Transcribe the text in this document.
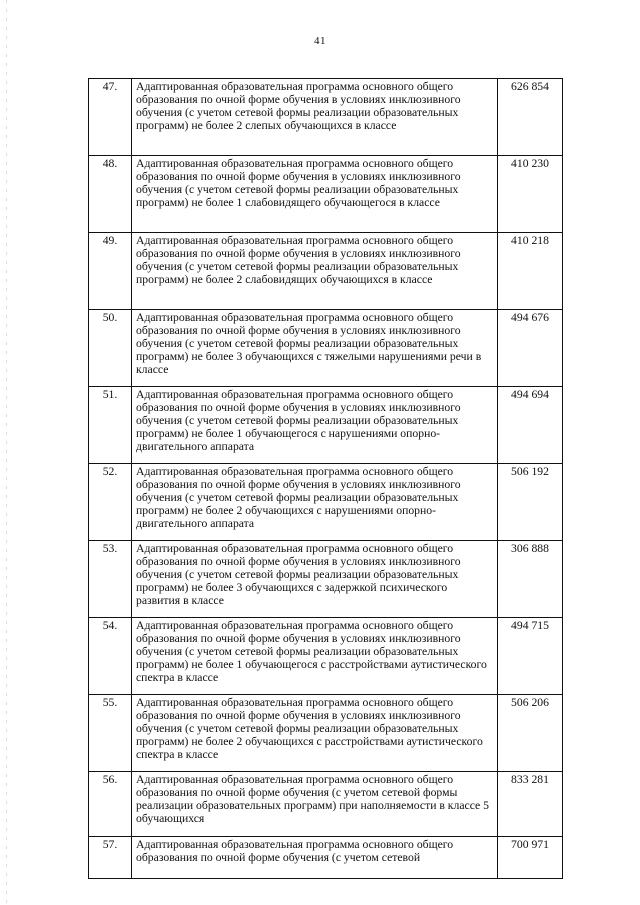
41
47.	Адаптированная образовательная программа основного общего образования по очной форме обучения в условиях инклюзивного обучения (с учетом сетевой формы реализации образовательных программ) не более 2 слепых обучающихся в классе	626 854
48.	Адаптированная образовательная программа основного общего образования по очной форме обучения в условиях инклюзивного обучения (с учетом сетевой формы реализации образовательных программ) не более 1 слабовидящего обучающегося в классе	410 230
49.	Адаптированная образовательная программа основного общего образования по очной форме обучения в условиях инклюзивного обучения (с учетом сетевой формы реализации образовательных программ) не более 2 слабовидящих обучающихся в классе	410 218
50.	Адаптированная образовательная программа основного общего образования по очной форме обучения в условиях инклюзивного обучения (с учетом сетевой формы реализации образовательных программ) не более 3 обучающихся с тяжелыми нарушениями речи в классе	494 676
51.	Адаптированная образовательная программа основного общего образования по очной форме обучения в условиях инклюзивного обучения (с учетом сетевой формы реализации образовательных программ) не более 1 обучающегося с нарушениями опорно-двигательного аппарата	494 694
52.	Адаптированная образовательная программа основного общего образования по очной форме обучения в условиях инклюзивного обучения (с учетом сетевой формы реализации образовательных программ) не более 2 обучающихся с нарушениями опорно-двигательного аппарата	506 192
53.	Адаптированная образовательная программа основного общего образования по очной форме обучения в условиях инклюзивного обучения (с учетом сетевой формы реализации образовательных программ) не более 3 обучающихся с задержкой психического развития в классе	306 888
54.	Адаптированная образовательная программа основного общего образования по очной форме обучения в условиях инклюзивного обучения (с учетом сетевой формы реализации образовательных программ) не более 1 обучающегося с расстройствами аутистического спектра в классе	494 715
55.	Адаптированная образовательная программа основного общего образования по очной форме обучения в условиях инклюзивного обучения (с учетом сетевой формы реализации образовательных программ) не более 2 обучающихся с расстройствами аутистического спектра в классе	506 206
56.	Адаптированная образовательная программа основного общего образования по очной форме обучения (с учетом сетевой формы реализации образовательных программ) при наполняемости в классе 5 обучающихся	833 281
57.	Адаптированная образовательная программа основного общего образования по очной форме обучения (с учетом сетевой	700 971
